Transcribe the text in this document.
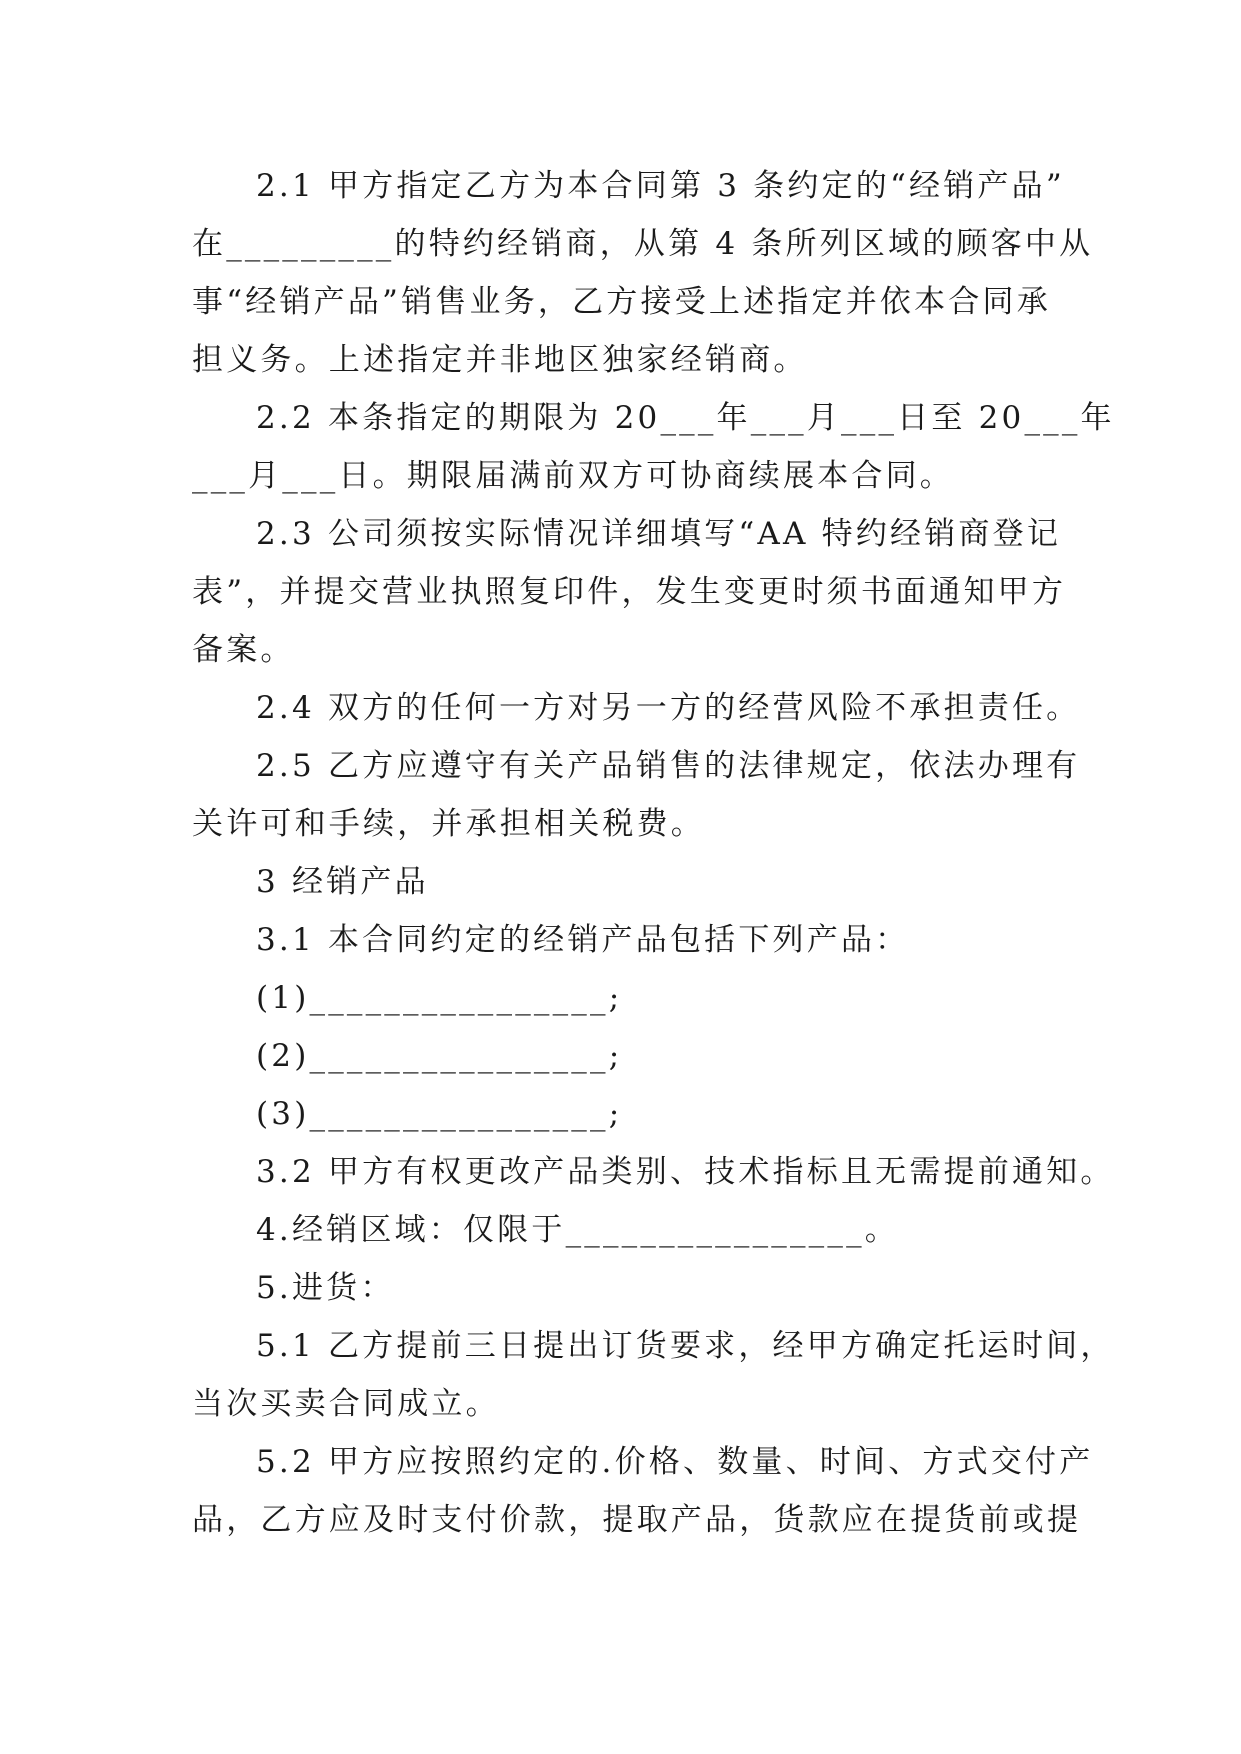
2.1 甲方指定乙方为本合同第 3 条约定的“经销产品”
在_________的特约经销商，从第 4 条所列区域的顾客中从
事“经销产品”销售业务，乙方接受上述指定并依本合同承
担义务。上述指定并非地区独家经销商。
2.2 本条指定的期限为 20___年___月___日至 20___年
___月___日。期限届满前双方可协商续展本合同。
2.3 公司须按实际情况详细填写“AA 特约经销商登记
表”，并提交营业执照复印件，发生变更时须书面通知甲方
备案。
2.4 双方的任何一方对另一方的经营风险不承担责任。
2.5 乙方应遵守有关产品销售的法律规定，依法办理有
关许可和手续，并承担相关税费。
3 经销产品
3.1 本合同约定的经销产品包括下列产品：
(1)________________;
(2)________________;
(3)________________;
3.2 甲方有权更改产品类别、技术指标且无需提前通知。
4.经销区域：仅限于________________。
5.进货：
5.1 乙方提前三日提出订货要求，经甲方确定托运时间，
当次买卖合同成立。
5.2 甲方应按照约定的.价格、数量、时间、方式交付产
品，乙方应及时支付价款，提取产品，货款应在提货前或提
